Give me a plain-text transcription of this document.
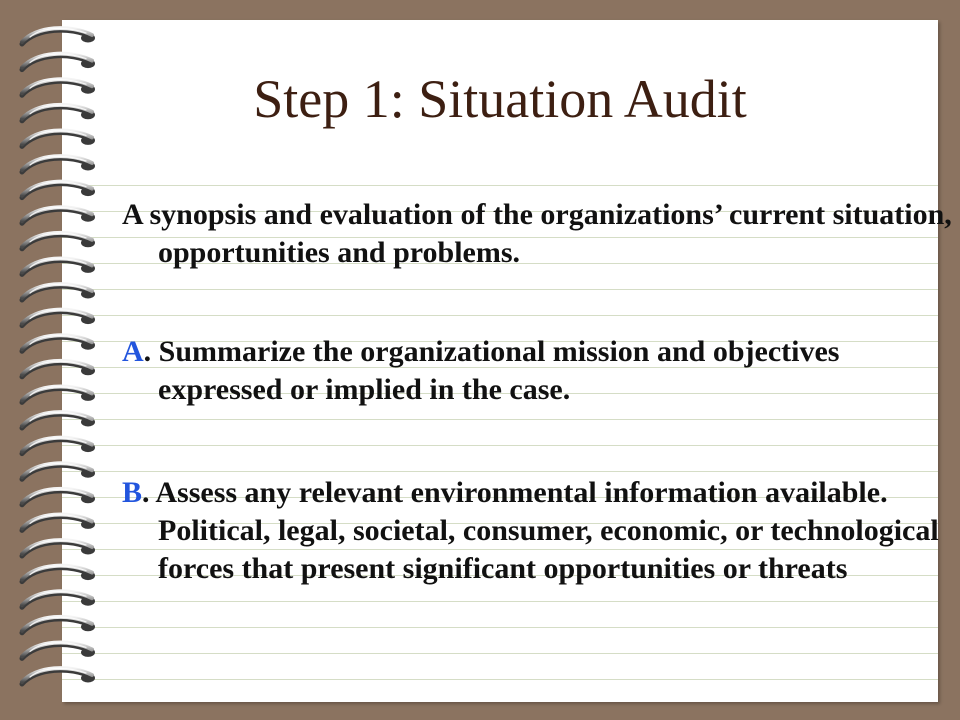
Step 1: Situation Audit

A synopsis and evaluation of the organizations’ current situation, opportunities and problems.

A. Summarize the organizational mission and objectives expressed or implied in the case.

B. Assess any relevant environmental information available. Political, legal, societal, consumer, economic, or technological forces that present significant opportunities or threats
